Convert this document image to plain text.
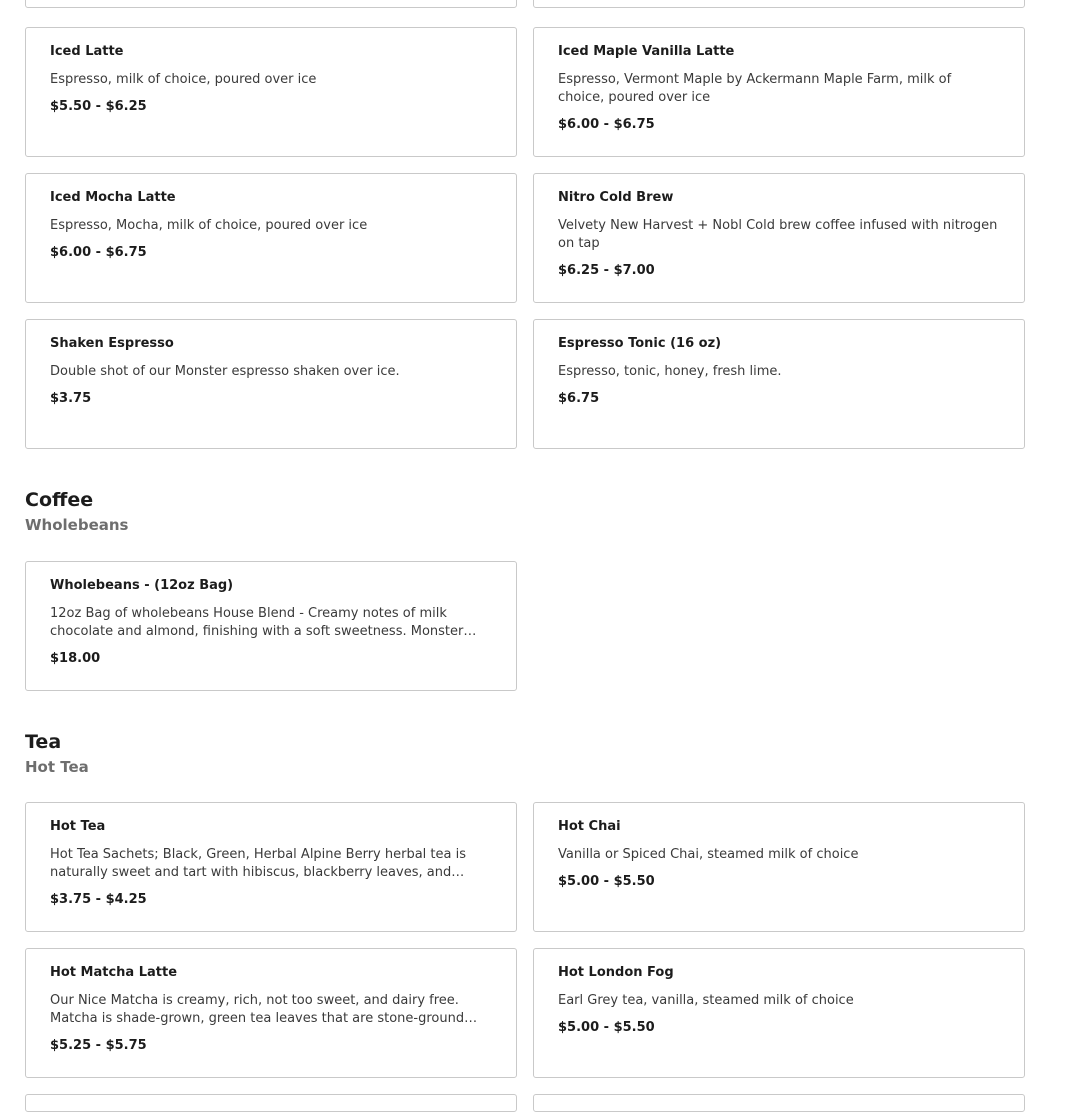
Iced Latte

Espresso, milk of choice, poured over ice

$5.50 - $6.25

Iced Maple Vanilla Latte

Espresso, Vermont Maple by Ackermann Maple Farm, milk of choice, poured over ice

$6.00 - $6.75

Iced Mocha Latte

Espresso, Mocha, milk of choice, poured over ice

$6.00 - $6.75

Nitro Cold Brew

Velvety New Harvest + Nobl Cold brew coffee infused with nitrogen on tap

$6.25 - $7.00

Shaken Espresso

Double shot of our Monster espresso shaken over ice.

$3.75

Espresso Tonic (16 oz)

Espresso, tonic, honey, fresh lime.

$6.75

Coffee
Wholebeans

Wholebeans - (12oz Bag)

12oz Bag of wholebeans House Blend - Creamy notes of milk chocolate and almond, finishing with a soft sweetness. Monster

$18.00

Tea
Hot Tea

Hot Tea

Hot Tea Sachets; Black, Green, Herbal Alpine Berry herbal tea is naturally sweet and tart with hibiscus, blackberry leaves, and

$3.75 - $4.25

Hot Chai

Vanilla or Spiced Chai, steamed milk of choice

$5.00 - $5.50

Hot Matcha Latte

Our Nice Matcha is creamy, rich, not too sweet, and dairy free. Matcha is shade-grown, green tea leaves that are stone-ground

$5.25 - $5.75

Hot London Fog

Earl Grey tea, vanilla, steamed milk of choice

$5.00 - $5.50
